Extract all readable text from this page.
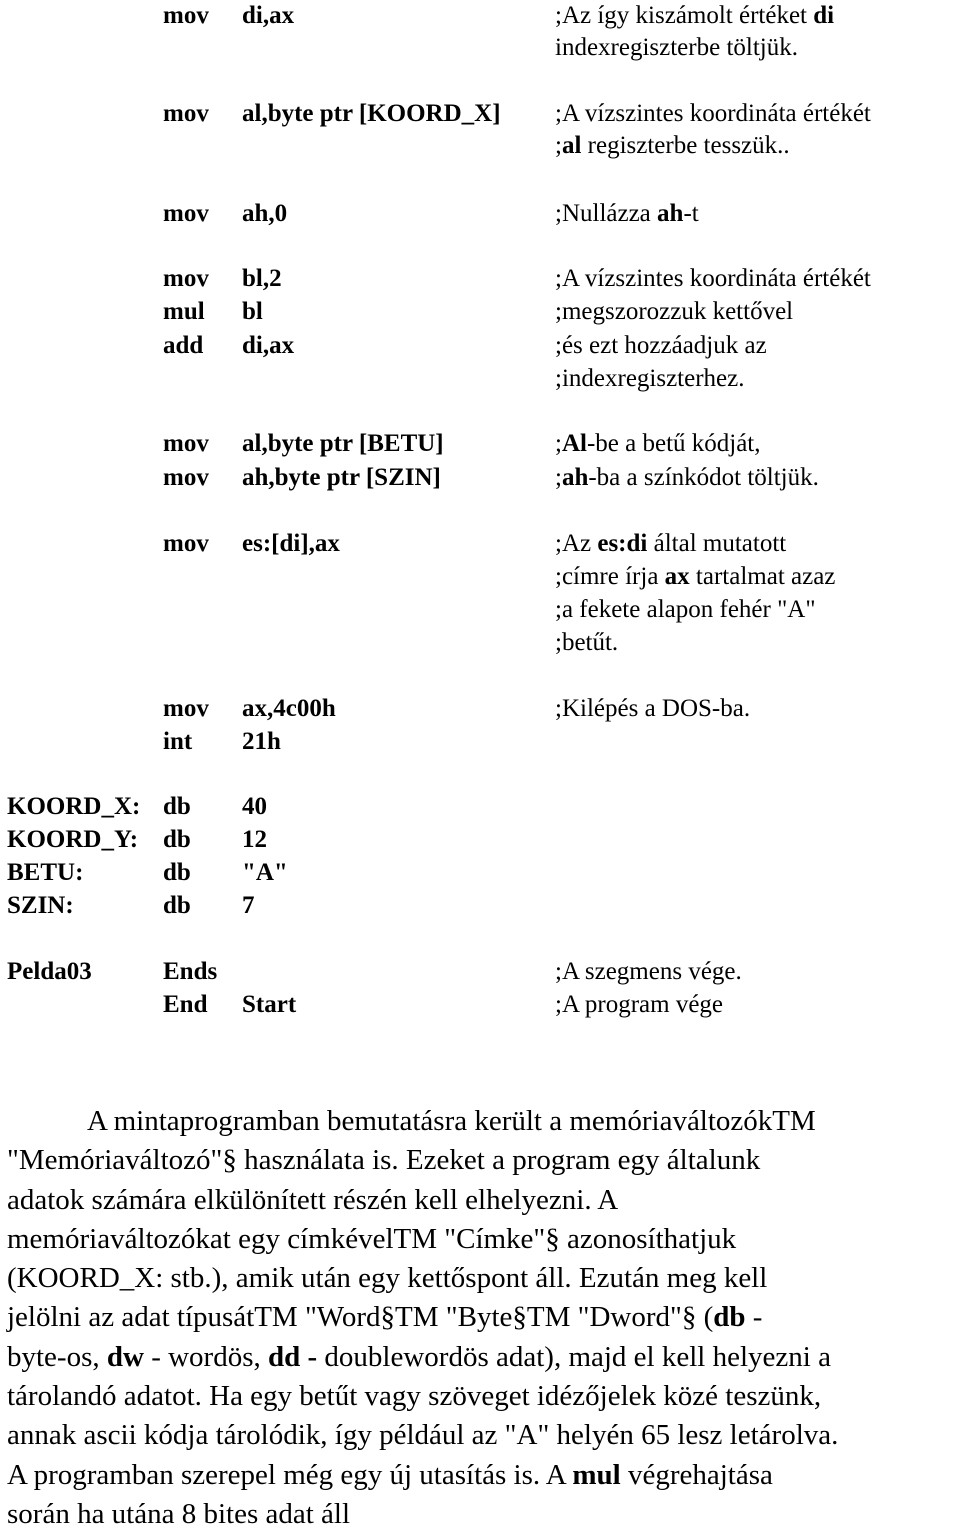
mov di,ax	;Az így kiszámolt értéket di
indexregiszterbe töltjük.
mov al,byte ptr [KOORD_X] ;A vízszintes koordináta értékét
;al regiszterbe tesszük..
mov ah,0	;Nullázza ah-t
mov bl,2	;A vízszintes koordináta értékét
mul bl	;megszorozzuk kettővel
add di,ax	;és ezt hozzáadjuk az
;indexregiszterhez.
mov al,byte ptr [BETU]	;Al-be a betű kódját,
mov ah,byte ptr [SZIN]	;ah-ba a színkódot töltjük.
mov es:[di],ax	;Az es:di által mutatott
;címre írja ax tartalmat azaz
;a fekete alapon fehér "A"
;betűt.
mov ax,4c00h	;Kilépés a DOS-ba.
int 21h
KOORD_X: db 40
KOORD_Y: db 12
BETU:	db "A"
SZIN:	db 7
Pelda03	Ends	;A szegmens vége.
End Start	;A program vége
A mintaprogramban bemutatásra került a memóriaváltozókTM
"Memóriaváltozó"§ használata is. Ezeket a program egy általunk
adatok számára elkülönített részén kell elhelyezni. A
memóriaváltozókat egy címkévelTM "Címke"§ azonosíthatjuk
(KOORD_X: stb.), amik után egy kettőspont áll. Ezután meg kell
jelölni az adat típusátTM "Word§TM "Byte§TM "Dword"§ (db -
byte-os, dw - wordös, dd - doublewordös adat), majd el kell helyezni a
tárolandó adatot. Ha egy betűt vagy szöveget idézőjelek közé teszünk,
annak ascii kódja tárolódik, így például az "A" helyén 65 lesz letárolva.
A programban szerepel még egy új utasítás is. A mul végrehajtása
során ha utána 8 bites adat áll
